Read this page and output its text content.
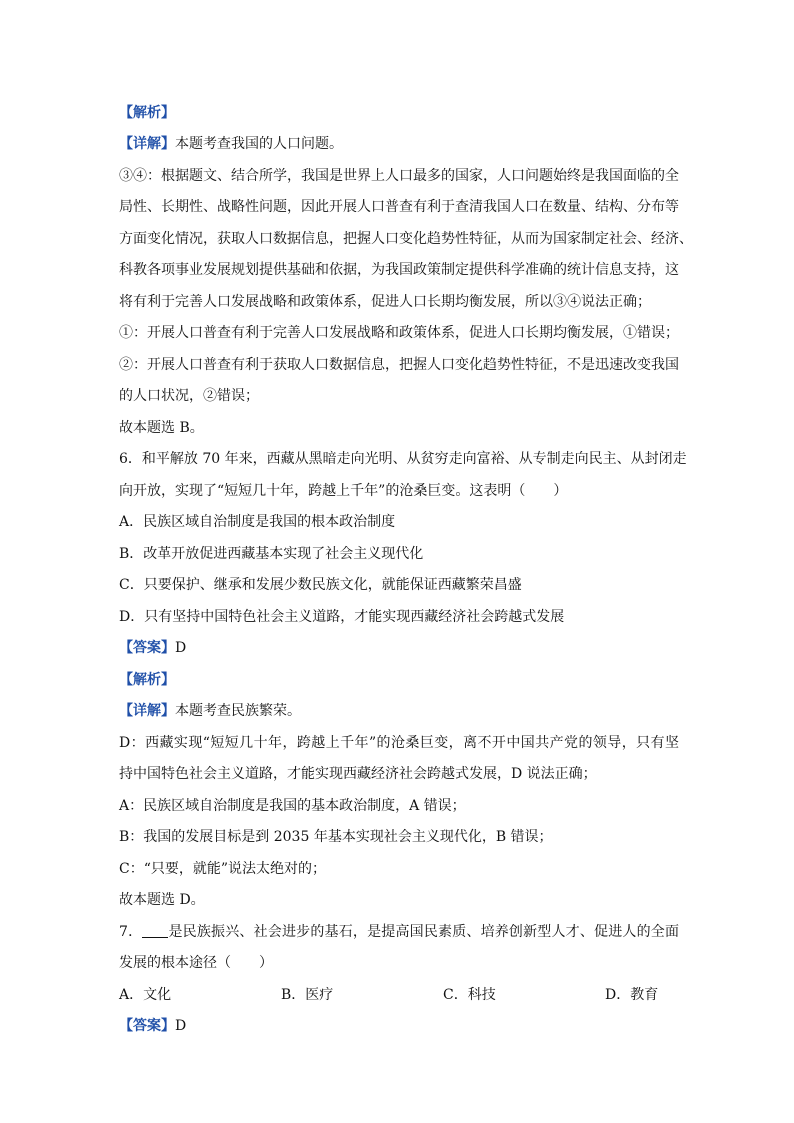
【解析】
【详解】本题考查我国的人口问题。
③④：根据题文、结合所学，我国是世界上人口最多的国家，人口问题始终是我国面临的全
局性、长期性、战略性问题，因此开展人口普查有利于查清我国人口在数量、结构、分布等
方面变化情况，获取人口数据信息，把握人口变化趋势性特征，从而为国家制定社会、经济、
科教各项事业发展规划提供基础和依据，为我国政策制定提供科学准确的统计信息支持，这
将有利于完善人口发展战略和政策体系，促进人口长期均衡发展，所以③④说法正确；
①：开展人口普查有利于完善人口发展战略和政策体系，促进人口长期均衡发展，①错误；
②：开展人口普查有利于获取人口数据信息，把握人口变化趋势性特征，不是迅速改变我国
的人口状况，②错误；
故本题选 B。
6．和平解放 70 年来，西藏从黑暗走向光明、从贫穷走向富裕、从专制走向民主、从封闭走
向开放，实现了“短短几十年，跨越上千年”的沧桑巨变。这表明（　　）
A．民族区域自治制度是我国的根本政治制度
B．改革开放促进西藏基本实现了社会主义现代化
C．只要保护、继承和发展少数民族文化，就能保证西藏繁荣昌盛
D．只有坚持中国特色社会主义道路，才能实现西藏经济社会跨越式发展
【答案】D
【解析】
【详解】本题考查民族繁荣。
D：西藏实现“短短几十年，跨越上千年”的沧桑巨变，离不开中国共产党的领导，只有坚
持中国特色社会主义道路，才能实现西藏经济社会跨越式发展，D 说法正确；
A：民族区域自治制度是我国的基本政治制度，A 错误；
B：我国的发展目标是到 2035 年基本实现社会主义现代化，B 错误；
C：“只要，就能”说法太绝对的；
故本题选 D。
7． 是民族振兴、社会进步的基石，是提高国民素质、培养创新型人才、促进人的全面
发展的根本途径（　　）
A．文化	B．医疗	C．科技	D．教育
【答案】D
